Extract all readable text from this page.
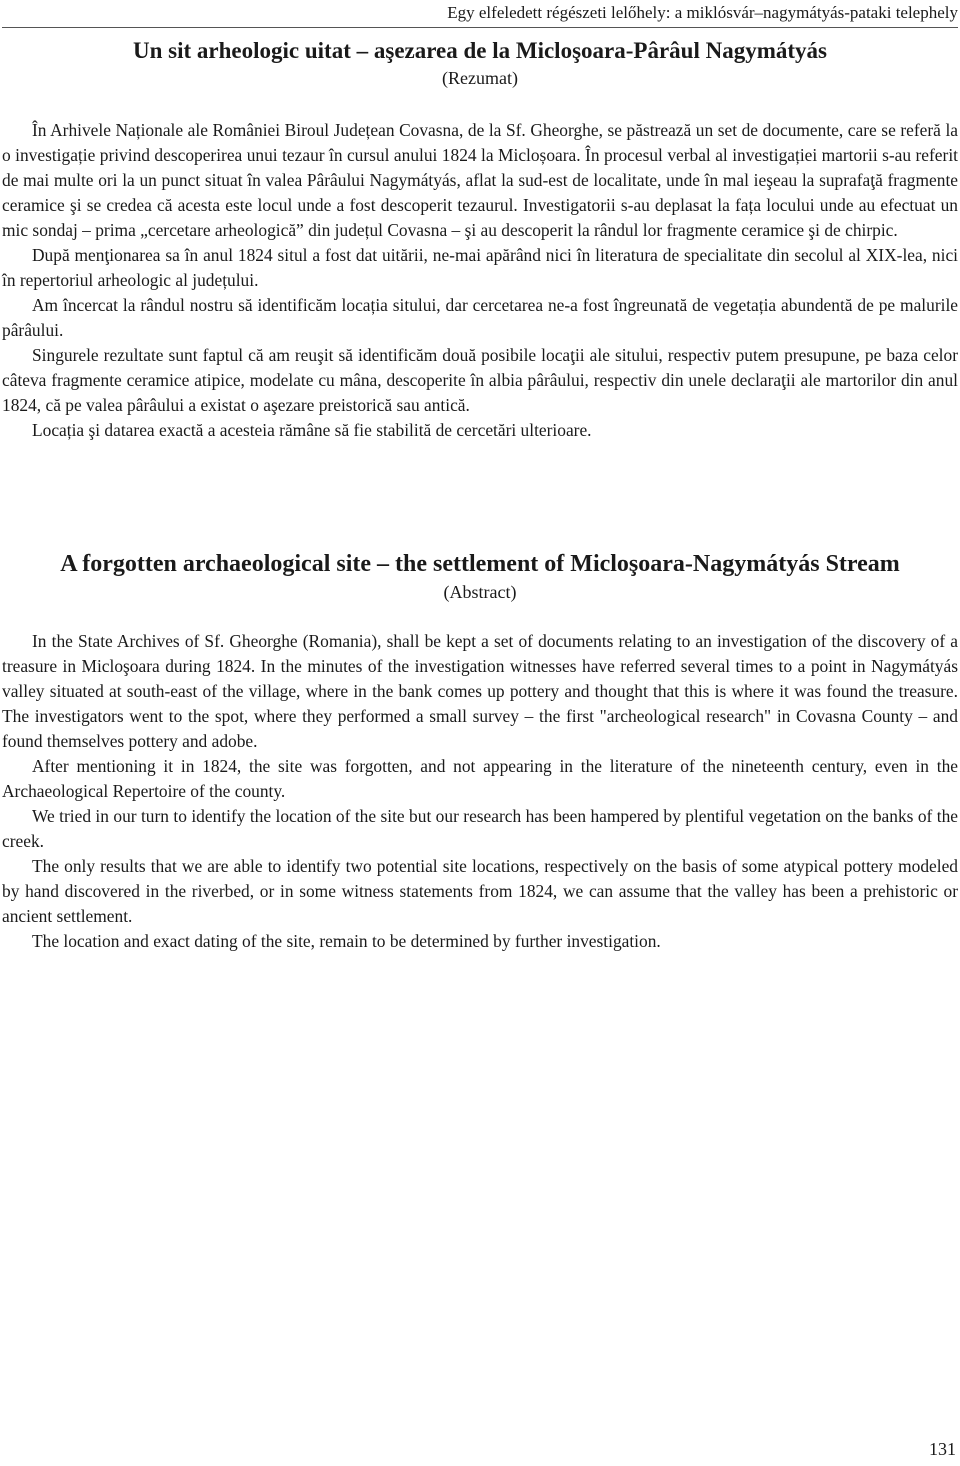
Egy elfeledett régészeti lelőhely: a miklósvár–nagymátyás-pataki telephely
Un sit arheologic uitat – aşezarea de la Micloşoara-Pârâul Nagymátyás
(Rezumat)

În Arhivele Naționale ale României Biroul Județean Covasna, de la Sf. Gheorghe, se păstrează un set de documente, care se referă la o investigație privind descoperirea unui tezaur în cursul anului 1824 la Micloșoara. În procesul verbal al investigației martorii s-au referit de mai multe ori la un punct situat în valea Pârâului Nagymátyás, aflat la sud-est de localitate, unde în mal ieşeau la suprafaţă fragmente ceramice şi se credea că acesta este locul unde a fost descoperit tezaurul. Investigatorii s-au deplasat la fața locului unde au efectuat un mic sondaj – prima „cercetare arheologică” din județul Covasna – şi au descoperit la rândul lor fragmente ceramice şi de chirpic.

După menţionarea sa în anul 1824 situl a fost dat uitării, ne-mai apărând nici în literatura de specialitate din secolul al XIX-lea, nici în repertoriul arheologic al județului.

Am încercat la rândul nostru să identificăm locația sitului, dar cercetarea ne-a fost îngreunată de vegetația abundentă de pe malurile pârâului.

Singurele rezultate sunt faptul că am reuşit să identificăm două posibile locaţii ale sitului, respectiv putem presupune, pe baza celor câteva fragmente ceramice atipice, modelate cu mâna, descoperite în albia pârâului, respectiv din unele declaraţii ale martorilor din anul 1824, că pe valea pârâului a existat o aşezare preistorică sau antică.

Locația şi datarea exactă a acesteia rămâne să fie stabilită de cercetări ulterioare.

A forgotten archaeological site – the settlement of Micloşoara-Nagymátyás Stream
(Abstract)

In the State Archives of Sf. Gheorghe (Romania), shall be kept a set of documents relating to an investigation of the discovery of a treasure in Micloşoara during 1824. In the minutes of the investigation witnesses have referred several times to a point in Nagymátyás valley situated at south-east of the village, where in the bank comes up pottery and thought that this is where it was found the treasure. The investigators went to the spot, where they performed a small survey – the first "archeological research" in Covasna County – and found themselves pottery and adobe.

After mentioning it in 1824, the site was forgotten, and not appearing in the literature of the nineteenth century, even in the Archaeological Repertoire of the county.

We tried in our turn to identify the location of the site but our research has been hampered by plentiful vegetation on the banks of the creek.

The only results that we are able to identify two potential site locations, respectively on the basis of some atypical pottery modeled by hand discovered in the riverbed, or in some witness statements from 1824, we can assume that the valley has been a prehistoric or ancient settlement.

The location and exact dating of the site, remain to be determined by further investigation.

131
